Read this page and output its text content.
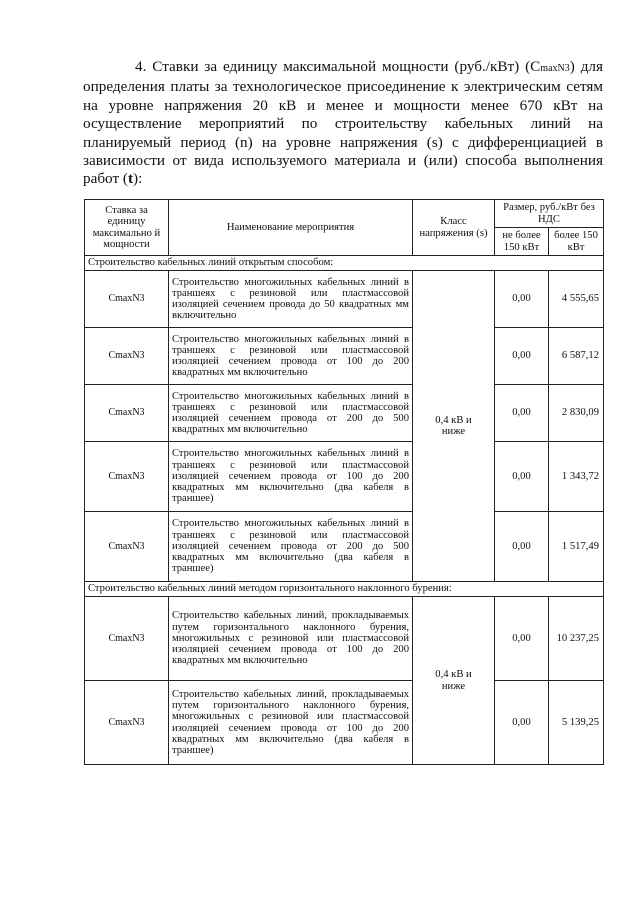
4. Ставки за единицу максимальной мощности (руб./кВт) (CmaxN3) для определения платы за технологическое присоединение к электрическим сетям на уровне напряжения 20 кВ и менее и мощности менее 670 кВт на осуществление мероприятий по строительству кабельных линий на планируемый период (n) на уровне напряжения (s) с дифференциацией в зависимости от вида используемого материала и (или) способа выполнения работ (t):
Ставка за единицу максимально й мощности	Наименование мероприятия	Класс напряжения (s)	Размер, руб./кВт без НДС	
			не более 150 кВт	более 150 кВт
Строительство кабельных линий открытым способом:				
CmaxN3	Строительство многожильных кабельных линий в траншеях с резиновой или пластмассовой изоляцией сечением провода до 50 квадратных мм включительно	0,4 кВ и ниже	0,00	4 555,65
CmaxN3	Строительство многожильных кабельных линий в траншеях с резиновой или пластмассовой изоляцией сечением провода от 100 до 200 квадратных мм включительно		0,00	6 587,12
CmaxN3	Строительство многожильных кабельных линий в траншеях с резиновой или пластмассовой изоляцией сечением провода от 200 до 500 квадратных мм включительно		0,00	2 830,09
CmaxN3	Строительство многожильных кабельных линий в траншеях с резиновой или пластмассовой изоляцией сечением провода от 100 до 200 квадратных мм включительно (два кабеля в траншее)		0,00	1 343,72
CmaxN3	Строительство многожильных кабельных линий в траншеях с резиновой или пластмассовой изоляцией сечением провода от 200 до 500 квадратных мм включительно (два кабеля в траншее)		0,00	1 517,49
Строительство кабельных линий методом горизонтального наклонного бурения:				
CmaxN3	Строительство кабельных линий, прокладываемых путем горизонтального наклонного бурения, многожильных с резиновой или пластмассовой изоляцией сечением провода от 100 до 200 квадратных мм включительно	0,4 кВ и ниже	0,00	10 237,25
CmaxN3	Строительство кабельных линий, прокладываемых путем горизонтального наклонного бурения, многожильных с резиновой или пластмассовой изоляцией сечением провода от 100 до 200 квадратных мм включительно (два кабеля в траншее)		0,00	5 139,25
